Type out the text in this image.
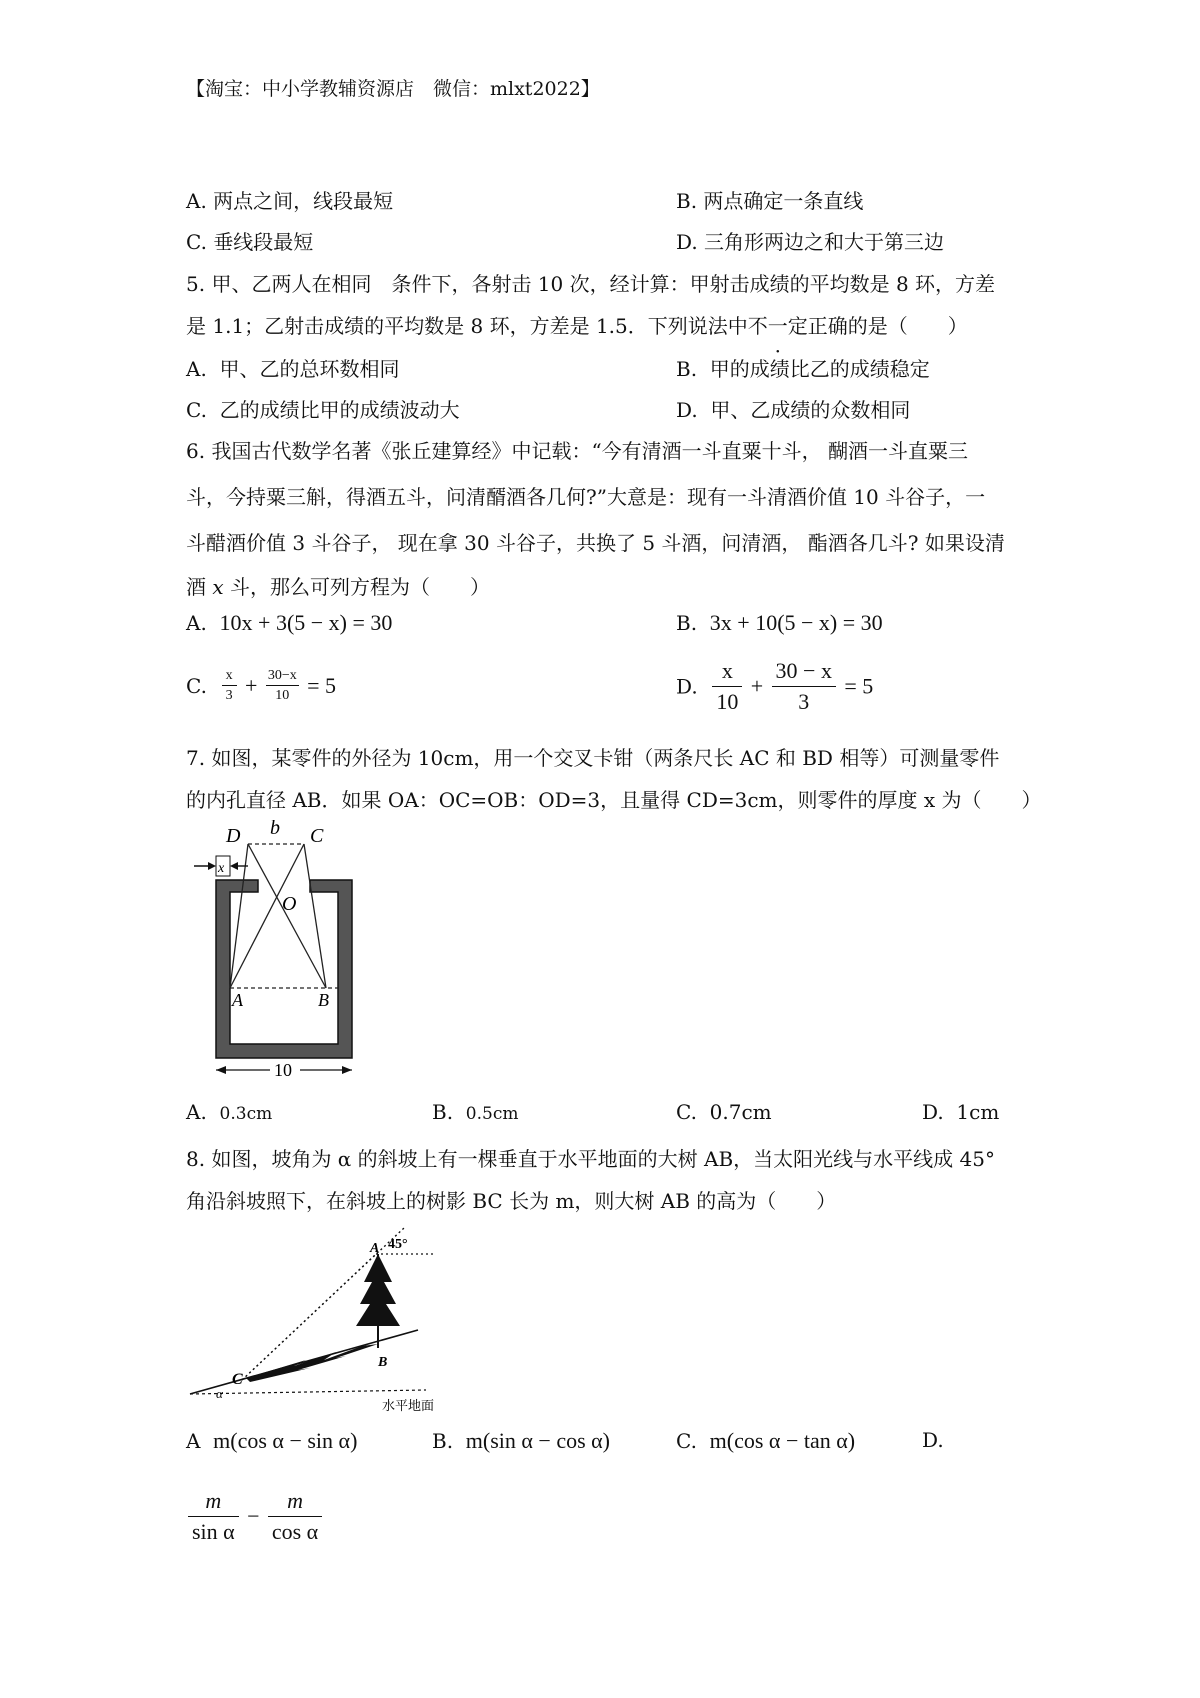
【淘宝：中小学教辅资源店　微信：mlxt2022】
A. 两点之间，线段最短	B. 两点确定一条直线
C. 垂线段最短	D. 三角形两边之和大于第三边
5. 甲、乙两人在相同　条件下，各射击 10 次，经计算：甲射击成绩的平均数是 8 环，方差
是 1.1；乙射击成绩的平均数是 8 环，方差是 1.5．下列说法中不一定正确的是（　　）
A. 甲、乙的总环数相同	B. 甲的成绩比乙的成绩稳定
C. 乙的成绩比甲的成绩波动大	D. 甲、乙成绩的众数相同
6. 我国古代数学名著《张丘建算经》中记载：“今有清酒一斗直粟十斗， 醐酒一斗直粟三
斗，今持粟三斛，得酒五斗，问清醑酒各几何?”大意是：现有一斗清酒价值 10 斗谷子，一
斗醋酒价值 3 斗谷子， 现在拿 30 斗谷子，共换了 5 斗酒，问清酒， 酯酒各几斗? 如果设清
酒 x 斗，那么可列方程为（　　）
A. 10x + 3(5 − x) = 30	B. 3x + 10(5 − x) = 30
C. $\frac{x}{3} + \frac{30-x}{10} = 5$	D. $\frac{x}{10} + \frac{30 - x}{3} = 5$
7. 如图，某零件的外径为 10cm，用一个交叉卡钳（两条尺长 AC 和 BD 相等）可测量零件
的内孔直径 AB．如果 OA：OC=OB：OD=3，且量得 CD=3cm，则零件的厚度 x 为（　　）
D b C
x
O
A	B
10
A. 0.3cm	B. 0.5cm	C. 0.7cm	D. 1cm
8. 如图，坡角为 α 的斜坡上有一棵垂直于水平地面的大树 AB，当太阳光线与水平线成 45°
角沿斜坡照下，在斜坡上的树影 BC 长为 m，则大树 AB 的高为（　　）
A 45°
B
C
α
水平地面
A m(cos α − sin α)	B. m(sin α − cos α)	C. m(cos α − tan α)	D.
$\frac{m}{\text{sin α}} - \frac{m}{\text{cos α}}$
